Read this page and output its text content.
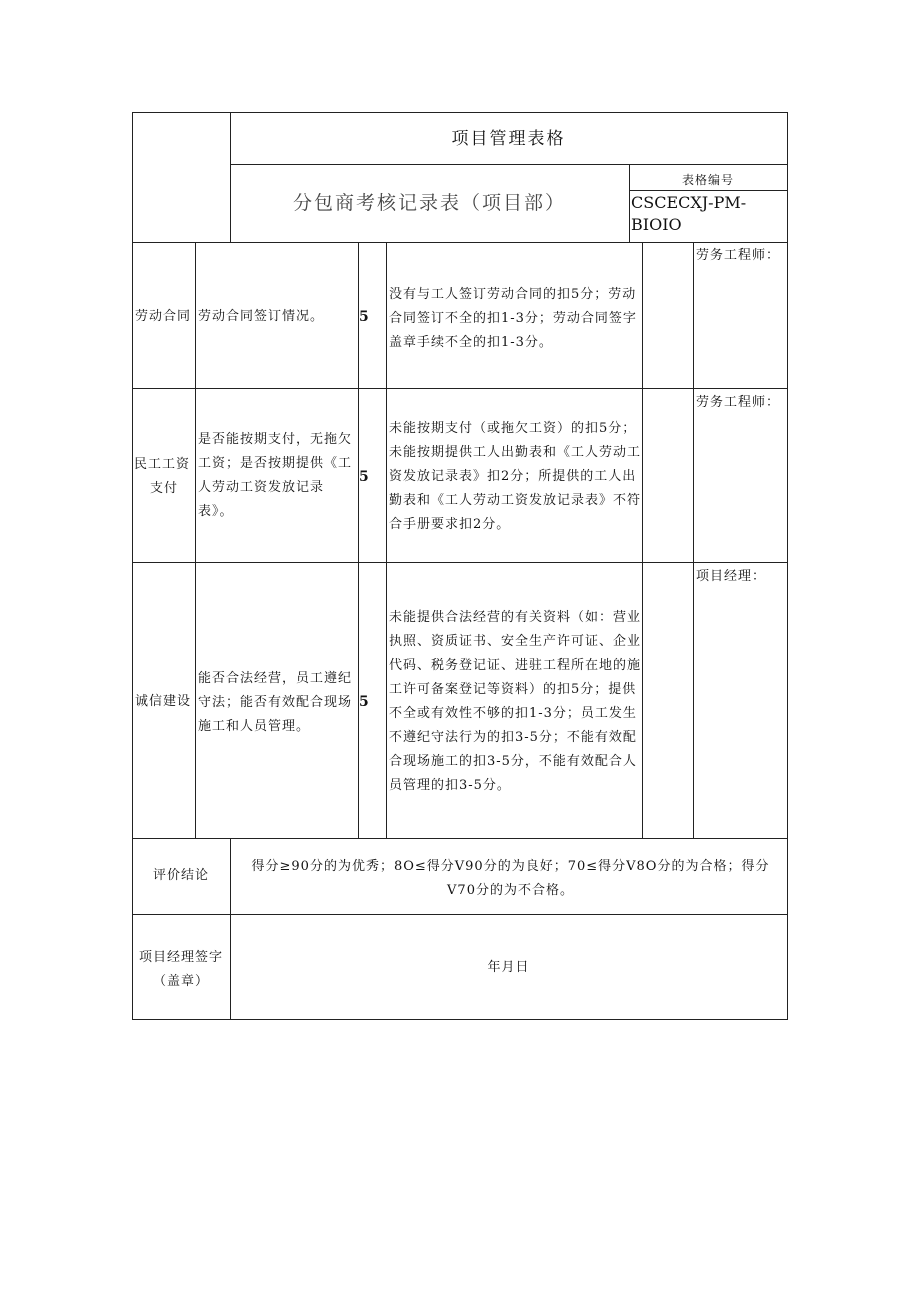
项目管理表格
分包商考核记录表（项目部）
表格编号
CSCECXJ-PM-
BIOIO
劳动合同 劳动合同签订情况。	5
没有与工人签订劳动合同的扣5分；劳动合同签订不全的扣1-3分；劳动合同签字盖章手续不全的扣1-3分。
劳务工程师：
民工工资
支付
是否能按期支付，无拖欠工资；是否按期提供《工人劳动工资发放记录表》。
5
未能按期支付（或拖欠工资）的扣5分；未能按期提供工人出勤表和《工人劳动工资发放记录表》扣2分；所提供的工人出勤表和《工人劳动工资发放记录表》不符合手册要求扣2分。
劳务工程师：
诚信建设
能否合法经营，员工遵纪守法；能否有效配合现场施工和人员管理。
5
未能提供合法经营的有关资料（如：营业执照、资质证书、安全生产许可证、企业代码、税务登记证、进驻工程所在地的施工许可备案登记等资料）的扣5分；提供不全或有效性不够的扣1-3分；员工发生不遵纪守法行为的扣3-5分；不能有效配合现场施工的扣3-5分，不能有效配合人员管理的扣3-5分。
项目经理：
评价结论
得分≥90分的为优秀；8O≤得分V90分的为良好；70≤得分V8O分的为合格；得分V70分的为不合格。
项目经理签字
（盖章）
年月日
